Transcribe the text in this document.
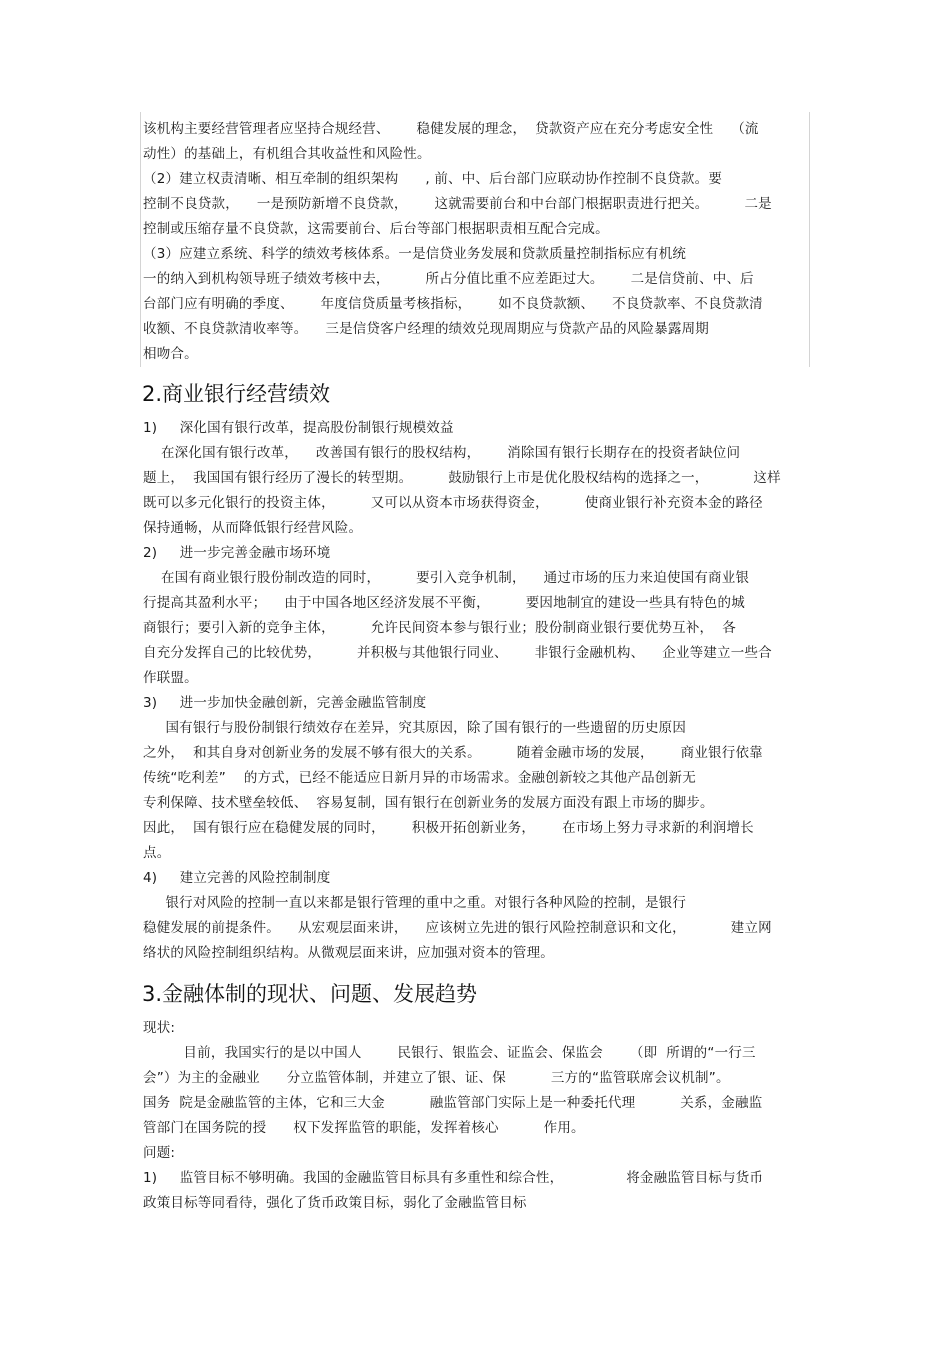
该机构主要经营管理者应坚持合规经营、      稳健发展的理念，  贷款资产应在充分考虑安全性    （流
动性）的基础上，有机组合其收益性和风险性。
（2）建立权责清晰、相互牵制的组织架构      , 前、中、后台部门应联动协作控制不良贷款。要
控制不良贷款，    一是预防新增不良贷款，      这就需要前台和中台部门根据职责进行把关。        二是
控制或压缩存量不良贷款，这需要前台、后台等部门根据职责相互配合完成。
（3）应建立系统、科学的绩效考核体系。一是信贷业务发展和贷款质量控制指标应有机统
一的纳入到机构领导班子绩效考核中去，        所占分值比重不应差距过大。      二是信贷前、中、后
台部门应有明确的季度、      年度信贷质量考核指标，      如不良贷款额、    不良贷款率、不良贷款清
收额、不良贷款清收率等。    三是信贷客户经理的绩效兑现周期应与贷款产品的风险暴露周期
相吻合。
2.商业银行经营绩效
1)     深化国有银行改革，提高股份制银行规模效益
在深化国有银行改革，    改善国有银行的股权结构，      消除国有银行长期存在的投资者缺位问
题上，  我国国有银行经历了漫长的转型期。        鼓励银行上市是优化股权结构的选择之一，          这样
既可以多元化银行的投资主体，        又可以从资本市场获得资金，        使商业银行补充资本金的路径
保持通畅，从而降低银行经营风险。
2)     进一步完善金融市场环境
在国有商业银行股份制改造的同时，        要引入竞争机制，    通过市场的压力来迫使国有商业银
行提高其盈利水平；    由于中国各地区经济发展不平衡，        要因地制宜的建设一些具有特色的城
商银行；要引入新的竞争主体，        允许民间资本参与银行业；股份制商业银行要优势互补，  各
自充分发挥自己的比较优势，        并积极与其他银行同业、      非银行金融机构、    企业等建立一些合
作联盟。
3)     进一步加快金融创新，完善金融监管制度
国有银行与股份制银行绩效存在差异，究其原因，除了国有银行的一些遗留的历史原因
之外，  和其自身对创新业务的发展不够有很大的关系。        随着金融市场的发展，      商业银行依靠
传统“吃利差”    的方式，已经不能适应日新月异的市场需求。金融创新较之其他产品创新无
专利保障、技术壁垒较低、  容易复制，国有银行在创新业务的发展方面没有跟上市场的脚步。
因此，  国有银行应在稳健发展的同时，      积极开拓创新业务，      在市场上努力寻求新的利润增长
点。
4)     建立完善的风险控制制度
银行对风险的控制一直以来都是银行管理的重中之重。对银行各种风险的控制，是银行
稳健发展的前提条件。    从宏观层面来讲，    应该树立先进的银行风险控制意识和文化，          建立网
络状的风险控制组织结构。从微观层面来讲，应加强对资本的管理。
3.金融体制的现状、问题、发展趋势
现状:
目前，我国实行的是以中国人        民银行、银监会、证监会、保监会      （即  所谓的“一行三
会”）为主的金融业      分立监管体制，并建立了银、证、保          三方的“监管联席会议机制”。
国务  院是金融监管的主体，它和三大金          融监管部门实际上是一种委托代理          关系，金融监
管部门在国务院的授      权下发挥监管的职能，发挥着核心          作用。
问题:
1)     监管目标不够明确。我国的金融监管目标具有多重性和综合性，              将金融监管目标与货币
政策目标等同看待，强化了货币政策目标，弱化了金融监管目标
